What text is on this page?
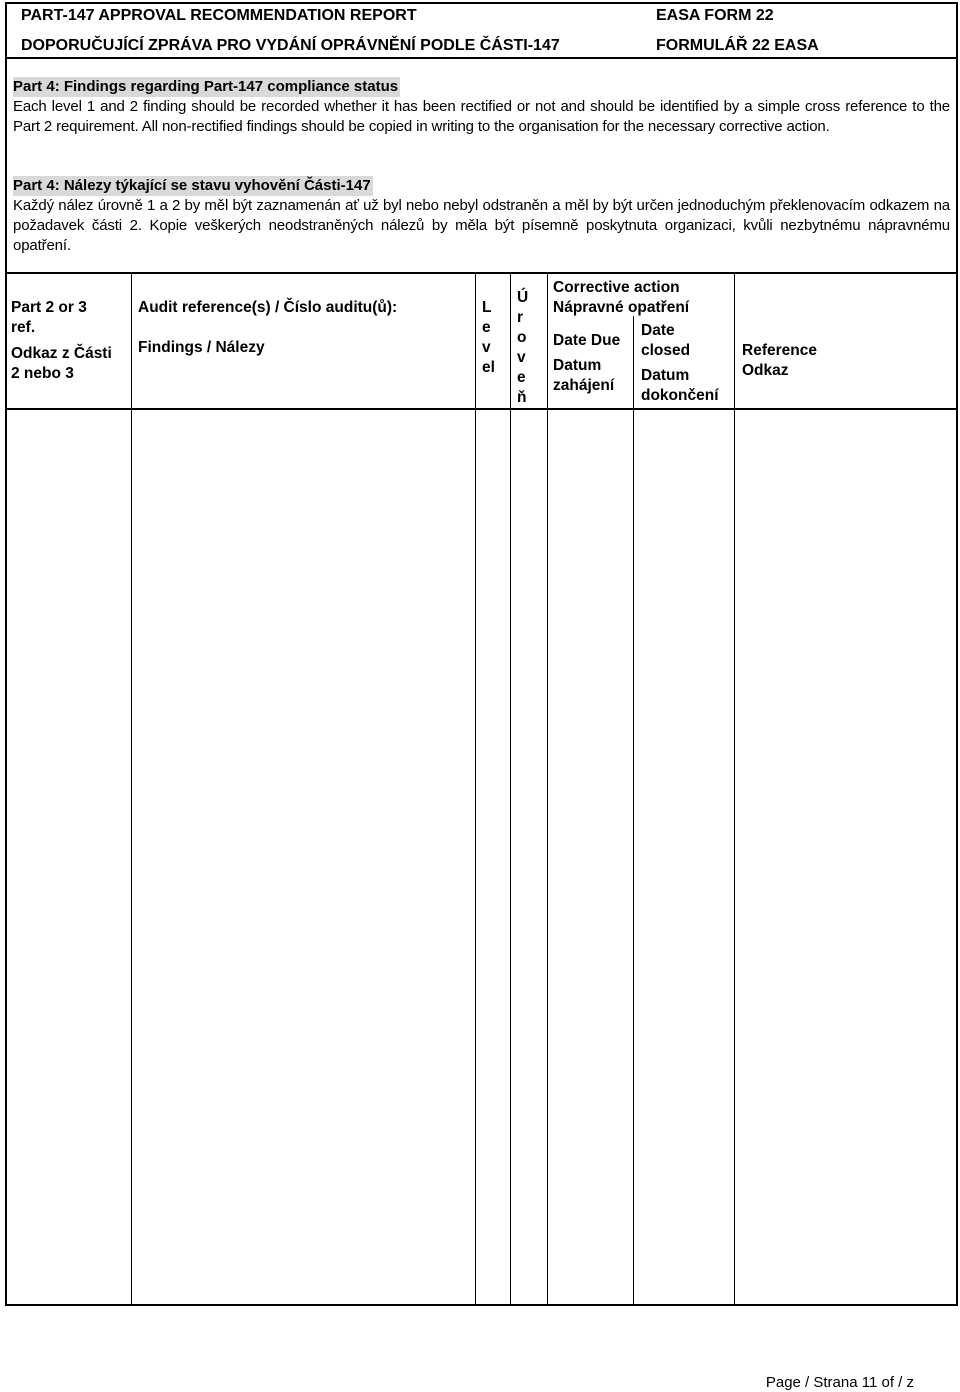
PART-147 APPROVAL RECOMMENDATION REPORT
DOPORUČUJÍCÍ ZPRÁVA PRO VYDÁNÍ OPRÁVNĚNÍ PODLE ČÁSTI-147
EASA FORM 22
FORMULÁŘ 22 EASA
Part 4: Findings regarding Part-147 compliance status
Each level 1 and 2 finding should be recorded whether it has been rectified or not and should be identified by a simple cross reference to the Part 2 requirement. All non-rectified findings should be copied in writing to the organisation for the necessary corrective action.
Part 4: Nálezy týkající se stavu vyhovění Části-147
Každý nález úrovně 1 a 2 by měl být zaznamenán ať už byl nebo nebyl odstraněn a měl by být určen jednoduchým překlenovacím odkazem na požadavek části 2. Kopie veškerých neodstraněných nálezů by měla být písemně poskytnuta organizaci, kvůli nezbytnému nápravnému opatření.
Part 2 or 3
ref.
Odkaz z Části
2 nebo 3
Audit reference(s) / Číslo auditu(ů):
Findings / Nálezy
Level
Úroveň
Corrective action
Nápravné opatření
Date Due
Datum
zahájení
Date
closed
Datum
dokončení
Reference
Odkaz
Page / Strana 11 of / z
